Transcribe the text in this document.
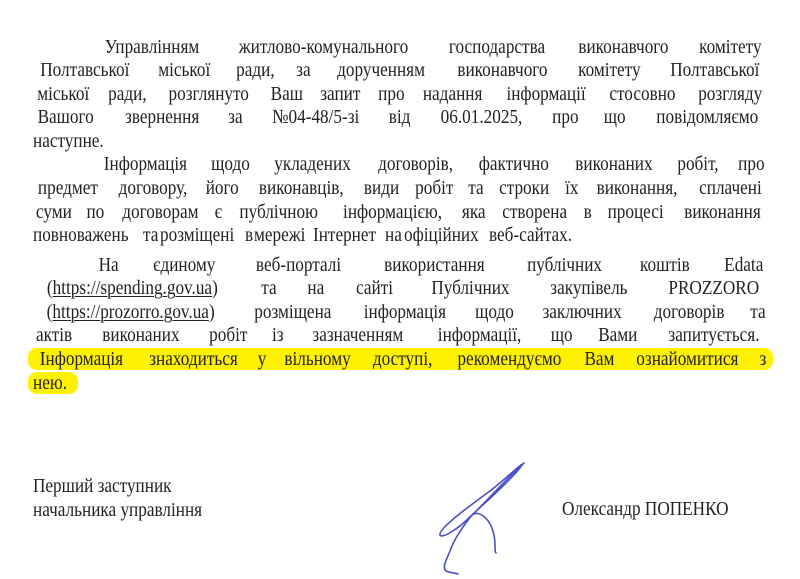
Управлінням житлово-комунального господарства виконавчого комітету
Полтавської міської ради, за дорученням виконавчого комітету Полтавської
міської ради, розглянуто Ваш запит про надання інформації стосовно розгляду
Вашого звернення за №04-48/5-зі від 06.01.2025, про що повідомляємо
наступне.
Інформація щодо укладених договорів, фактично виконаних робіт, про
предмет договору, його виконавців, види робіт та строки їх виконання, сплачені
суми по договорам є публічною інформацією, яка створена в процесі виконання
повноважень та розміщені в мережі Інтернет на офіційних веб-сайтах.
На єдиному веб-порталі використання публічних коштів Edata
(https://spending.gov.ua) та на сайті Публічних закупівель PROZZORO
(https://prozorro.gov.ua) розміщена інформація щодо заключних договорів та
актів виконаних робіт із зазначенням інформації, що Вами запитується.
Інформація знаходиться у вільному доступі, рекомендуємо Вам ознайомитися з
нею.
Перший заступник
начальника управління	Олександр ПОПЕНКО
